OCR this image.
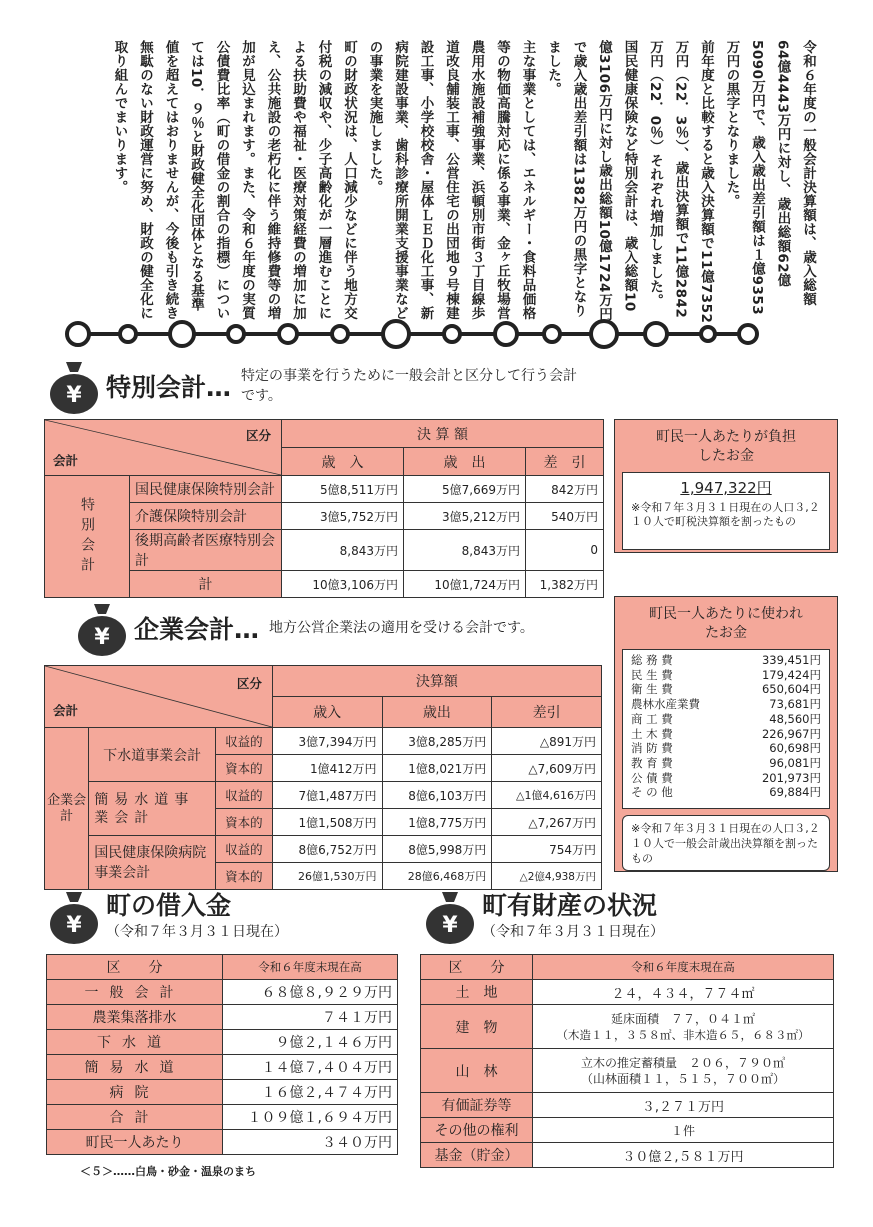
令和６年度の一般会計決算額は、歳入総額64億4443万円に対し、歳出総額62億5090万円で、歳入歳出差引額は１億9353万円の黒字となりました。

前年度と比較すると歳入決算額で11億7352万円（22．3％）、歳出決算額で11億2842万円（22．0％）それぞれ増加しました。

国民健康保険など特別会計は、歳入総額10億3106万円に対し歳出総額10億1724万円で歳入歳出差引額は1382万円の黒字となりました。

主な事業としては、エネルギー・食料品価格等の物価高騰対応に係る事業、金ヶ丘牧場営農用水施設補強事業、浜頓別市街３丁目線歩道改良舗装工事、公営住宅の出団地９号棟建設工事、小学校校舎・屋体ＬＥＤ化工事、新病院建設事業、歯科診療所開業支援事業などの事業を実施しました。

町の財政状況は、人口減少などに伴う地方交付税の減収や、少子高齢化が一層進むことによる扶助費や福祉・医療対策経費の増加に加え、公共施設の老朽化に伴う維持修費等の増加が見込まれます。また、令和６年度の実質公債費比率（町の借金の割合の指標）については10．９％と財政健全化団体となる基準値を超えてはおりませんが、今後も引き続き無駄のない財政運営に努め、財政の健全化に取り組んでまいります。

¥ 特別会計… 特定の事業を行うために一般会計と区分して行う会計です。
区分
会計		決 算 額		
		歳　入	歳　出	差　引
特別会計	国民健康保険特別会計	5億8,511万円	5億7,669万円	842万円
	介護保険特別会計	3億5,752万円	3億5,212万円	540万円
	後期高齢者医療特別会計	8,843万円	8,843万円	0
	計	10億3,106万円	10億1,724万円	1,382万円
町民一人あたりが負担したお金
1,947,322円
※令和７年３月３１日現在の人口３,２１０人で町税決算額を割ったもの
¥ 企業会計… 地方公営企業法の適用を受ける会計です。
区分
会計			決算額		
			歳入	歳出	差引
企業会計	下水道事業会計	収益的	3億7,394万円	3億8,285万円	△891万円
		資本的	1億412万円	1億8,021万円	△7,609万円
	簡易水道事業会計	収益的	7億1,487万円	8億6,103万円	△1億4,616万円
		資本的	1億1,508万円	1億8,775万円	△7,267万円
	国民健康保険病院事業会計	収益的	8億6,752万円	8億5,998万円	754万円
		資本的	26億1,530万円	28億6,468万円	△2億4,938万円
町民一人あたりに使われたお金
総 務 費	339,451円
民 生 費	179,424円
衛 生 費	650,604円
農林水産業費	73,681円
商 工 費	48,560円
土 木 費	226,967円
消 防 費	60,698円
教 育 費	96,081円
公 債 費	201,973円
そ の 他	69,884円
※令和７年３月３１日現在の人口３,２１０人で一般会計歳出決算額を割ったもの
¥
町の借入金
（令和７年３月３１日現在）
区　　分	令和６年度末現在高
一般会計	６８億８,９２９万円
農業集落排水	７４１万円
下水道	９億２,１４６万円
簡易水道	１４億７,４０４万円
病院	１６億２,４７４万円
合計	１０９億１,６９４万円
町民一人あたり	３４０万円
¥
町有財産の状況
（令和７年３月３１日現在）
区　　分	令和６年度末現在高
土　地	２４，４３４，７７４㎡
建　物	延床面積　７７，０４１㎡
（木造１１，３５８㎡、非木造６５，６８３㎡）

山　林	立木の推定蓄積量　２０６，７９０㎥
（山林面積１１，５１５，７００㎡）

有価証券等	３,２７１万円
その他の権利	１件
基金（貯金）	３０億２,５８１万円
＜５＞……白鳥・砂金・温泉のまち
